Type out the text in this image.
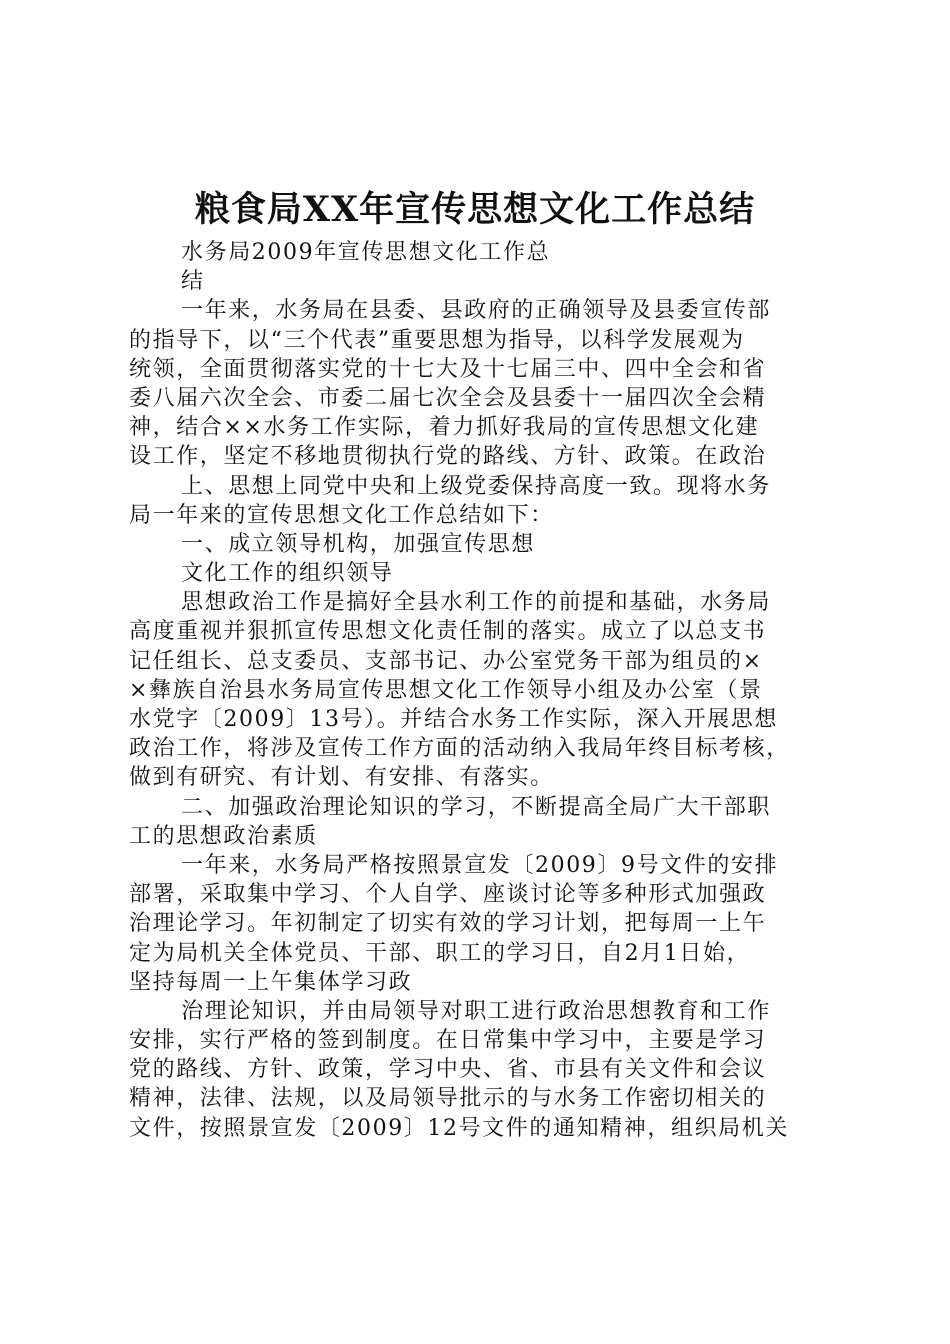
粮食局XX年宣传思想文化工作总结
水务局2009年宣传思想文化工作总
结
一年来，水务局在县委、县政府的正确领导及县委宣传部
的指导下，以“三个代表”重要思想为指导，以科学发展观为
统领，全面贯彻落实党的十七大及十七届三中、四中全会和省
委八届六次全会、市委二届七次全会及县委十一届四次全会精
神，结合××水务工作实际，着力抓好我局的宣传思想文化建
设工作，坚定不移地贯彻执行党的路线、方针、政策。在政治
上、思想上同党中央和上级党委保持高度一致。现将水务
局一年来的宣传思想文化工作总结如下：
一、成立领导机构，加强宣传思想
文化工作的组织领导
思想政治工作是搞好全县水利工作的前提和基础，水务局
高度重视并狠抓宣传思想文化责任制的落实。成立了以总支书
记任组长、总支委员、支部书记、办公室党务干部为组员的×
×彝族自治县水务局宣传思想文化工作领导小组及办公室（景
水党字〔2009〕13号）。并结合水务工作实际，深入开展思想
政治工作，将涉及宣传工作方面的活动纳入我局年终目标考核，
做到有研究、有计划、有安排、有落实。
二、加强政治理论知识的学习，不断提高全局广大干部职
工的思想政治素质
一年来，水务局严格按照景宣发〔2009〕9号文件的安排
部署，采取集中学习、个人自学、座谈讨论等多种形式加强政
治理论学习。年初制定了切实有效的学习计划，把每周一上午
定为局机关全体党员、干部、职工的学习日，自2月1日始，
坚持每周一上午集体学习政
治理论知识，并由局领导对职工进行政治思想教育和工作
安排，实行严格的签到制度。在日常集中学习中，主要是学习
党的路线、方针、政策，学习中央、省、市县有关文件和会议
精神，法律、法规，以及局领导批示的与水务工作密切相关的
文件，按照景宣发〔2009〕12号文件的通知精神，组织局机关
